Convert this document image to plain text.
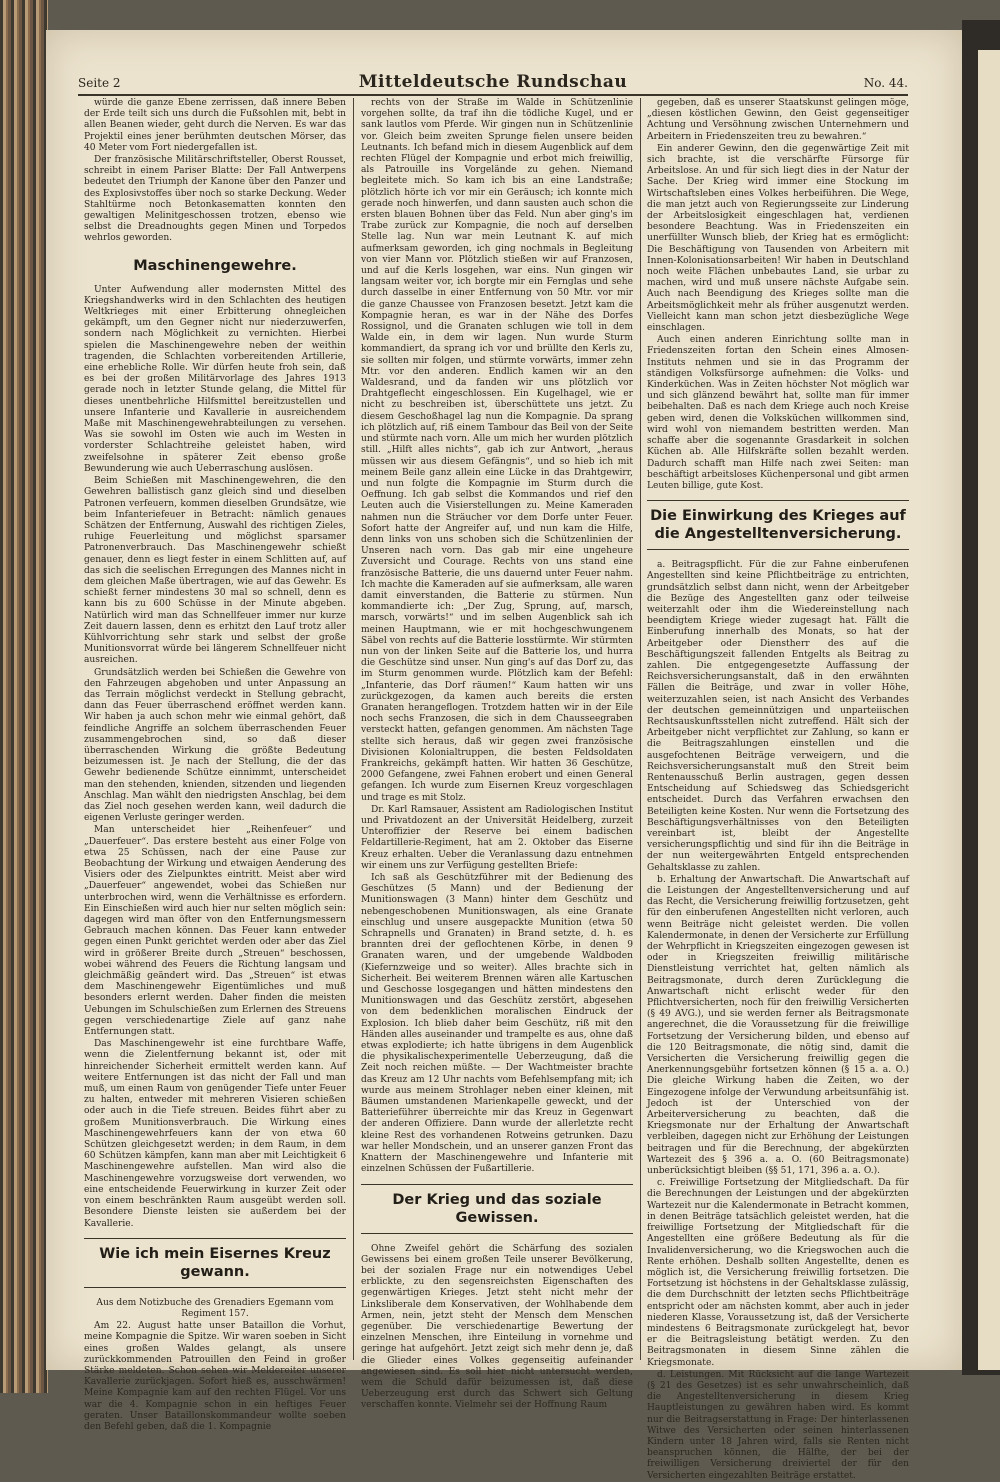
Seite 2	Mitteldeutsche Rundschau	No. 44.

würde die ganze Ebene zerrissen, daß innere Beben der Erde teilt sich uns durch die Fußsohlen mit, bebt in allen Beanen wieder, geht durch die Nerven. Es war das Projektil eines jener berühmten deutschen Mörser, das 40 Meter vom Fort niedergefallen ist.

Der französische Militärschriftsteller, Oberst Rousset, schreibt in einem Pariser Blatte: Der Fall Antwerpens bedeutet den Triumph der Kanone über den Panzer und des Explosivstoffes über noch so starke Deckung. Weder Stahltürme noch Betonkasematten konnten den gewaltigen Melinitgeschossen trotzen, ebenso wie selbst die Dreadnoughts gegen Minen und Torpedos wehrlos geworden.

Maschinengewehre.

Unter Aufwendung aller modernsten Mittel des Kriegshandwerks wird in den Schlachten des heutigen Weltkrieges mit einer Erbitterung ohnegleichen gekämpft, um den Gegner nicht nur niederzuwerfen, sondern nach Möglichkeit zu vernichten. Hierbei spielen die Maschinengewehre neben der weithin tragenden, die Schlachten vorbereitenden Artillerie, eine erhebliche Rolle. Wir dürfen heute froh sein, daß es bei der großen Militärvorlage des Jahres 1913 gerade noch in letzter Stunde gelang, die Mittel für dieses unentbehrliche Hilfsmittel bereitzustellen und unsere Infanterie und Kavallerie in ausreichendem Maße mit Maschinengewehrabteilungen zu versehen. Was sie sowohl im Osten wie auch im Westen in vorderster Schlachtreihe geleistet haben, wird zweifelsohne in späterer Zeit ebenso große Bewunderung wie auch Ueberraschung auslösen.

Beim Schießen mit Maschinengewehren, die den Gewehren ballistisch ganz gleich sind und dieselben Patronen verfeuern, kommen dieselben Grundsätze, wie beim Infanteriefeuer in Betracht: nämlich genaues Schätzen der Entfernung, Auswahl des richtigen Zieles, ruhige Feuerleitung und möglichst sparsamer Patronenverbrauch. Das Maschinengewehr schießt genauer, denn es liegt fester in einem Schlitten auf, auf das sich die seelischen Erregungen des Mannes nicht in dem gleichen Maße übertragen, wie auf das Gewehr. Es schießt ferner mindestens 30 mal so schnell, denn es kann bis zu 600 Schüsse in der Minute abgeben. Natürlich wird man das Schnellfeuer immer nur kurze Zeit dauern lassen, denn es erhitzt den Lauf trotz aller Kühlvorrichtung sehr stark und selbst der große Munitionsvorrat würde bei längerem Schnellfeuer nicht ausreichen.

Grundsätzlich werden bei Schießen die Gewehre von den Fahrzeugen abgehoben und unter Anpassung an das Terrain möglichst verdeckt in Stellung gebracht, dann das Feuer überraschend eröffnet werden kann. Wir haben ja auch schon mehr wie einmal gehört, daß feindliche Angriffe an solchem überraschenden Feuer zusammengebrochen sind, so daß dieser überraschenden Wirkung die größte Bedeutung beizumessen ist. Je nach der Stellung, die der das Gewehr bedienende Schütze einnimmt, unterscheidet man den stehenden, knienden, sitzenden und liegenden Anschlag. Man wählt den niedrigsten Anschlag, bei dem das Ziel noch gesehen werden kann, weil dadurch die eigenen Verluste geringer werden.

Man unterscheidet hier „Reihenfeuer“ und „Dauerfeuer“. Das erstere besteht aus einer Folge von etwa 25 Schüssen, nach der eine Pause zur Beobachtung der Wirkung und etwaigen Aenderung des Visiers oder des Zielpunktes eintritt. Meist aber wird „Dauerfeuer“ angewendet, wobei das Schießen nur unterbrochen wird, wenn die Verhältnisse es erfordern. Ein Einschießen wird auch hier nur selten möglich sein: dagegen wird man öfter von den Entfernungsmessern Gebrauch machen können. Das Feuer kann entweder gegen einen Punkt gerichtet werden oder aber das Ziel wird in größerer Breite durch „Streuen“ beschossen, wobei während des Feuers die Richtung langsam und gleichmäßig geändert wird. Das „Streuen“ ist etwas dem Maschinengewehr Eigentümliches und muß besonders erlernt werden. Daher finden die meisten Uebungen im Schulschießen zum Erlernen des Streuens gegen verschiedenartige Ziele auf ganz nahe Entfernungen statt.

Das Maschinengewehr ist eine furchtbare Waffe, wenn die Zielentfernung bekannt ist, oder mit hinreichender Sicherheit ermittelt werden kann. Auf weitere Entfernungen ist das nicht der Fall und man muß, um einen Raum von genügender Tiefe unter Feuer zu halten, entweder mit mehreren Visieren schießen oder auch in die Tiefe streuen. Beides führt aber zu großem Munitionsverbrauch. Die Wirkung eines Maschinengewehrfeuers kann der von etwa 60 Schützen gleichgesetzt werden; in dem Raum, in dem 60 Schützen kämpfen, kann man aber mit Leichtigkeit 6 Maschinengewehre aufstellen. Man wird also die Maschinengewehre vorzugsweise dort verwenden, wo eine entscheidende Feuerwirkung in kurzer Zeit oder von einem beschränkten Raum ausgeübt werden soll. Besondere Dienste leisten sie außerdem bei der Kavallerie.

Wie ich mein Eisernes Kreuz gewann.

Aus dem Notizbuche des Grenadiers Egemann vom Regiment 157.

Am 22. August hatte unser Bataillon die Vorhut, meine Kompagnie die Spitze. Wir waren soeben in Sicht eines großen Waldes gelangt, als unsere zurückkommenden Patrouillen den Feind in großer Stärke meldeten. Schon sehen wir Meldereiter unserer Kavallerie zurückjagen. Sofort hieß es, ausschwärmen! Meine Kompagnie kam auf den rechten Flügel. Vor uns war die 4. Kompagnie schon in ein heftiges Feuer geraten. Unser Bataillonskommandeur wollte soeben den Befehl geben, daß die 1. Kompagnie

rechts von der Straße im Walde in Schützenlinie vorgehen sollte, da traf ihn die tödliche Kugel, und er sank lautlos vom Pferde. Wir gingen nun in Schützenlinie vor. Gleich beim zweiten Sprunge fielen unsere beiden Leutnants. Ich befand mich in diesem Augenblick auf dem rechten Flügel der Kompagnie und erbot mich freiwillig, als Patrouille ins Vorgelände zu gehen. Niemand begleitete mich. So kam ich bis an eine Landstraße; plötzlich hörte ich vor mir ein Geräusch; ich konnte mich gerade noch hinwerfen, und dann sausten auch schon die ersten blauen Bohnen über das Feld. Nun aber ging's im Trabe zurück zur Kompagnie, die noch auf derselben Stelle lag. Nun war mein Leutnant K. auf mich aufmerksam geworden, ich ging nochmals in Begleitung von vier Mann vor. Plötzlich stießen wir auf Franzosen, und auf die Kerls losgehen, war eins. Nun gingen wir langsam weiter vor, ich borgte mir ein Fernglas und sehe durch dasselbe in einer Entfernung von 50 Mtr. vor mir die ganze Chaussee von Franzosen besetzt. Jetzt kam die Kompagnie heran, es war in der Nähe des Dorfes Rossignol, und die Granaten schlugen wie toll in dem Walde ein, in dem wir lagen. Nun wurde Sturm kommandiert, da sprang ich vor und brüllte den Kerls zu, sie sollten mir folgen, und stürmte vorwärts, immer zehn Mtr. vor den anderen. Endlich kamen wir an den Waldesrand, und da fanden wir uns plötzlich vor Drahtgeflecht eingeschlossen. Ein Kugelhagel, wie er nicht zu beschreiben ist, überschüttete uns jetzt. Zu diesem Geschoßhagel lag nun die Kompagnie. Da sprang ich plötzlich auf, riß einem Tambour das Beil von der Seite und stürmte nach vorn. Alle um mich her wurden plötzlich still. „Hilft alles nichts“, gab ich zur Antwort, „heraus müssen wir aus diesem Gefängnis“, und so hieb ich mit meinem Beile ganz allein eine Lücke in das Drahtgewirr, und nun folgte die Kompagnie im Sturm durch die Oeffnung. Ich gab selbst die Kommandos und rief den Leuten auch die Visierstellungen zu. Meine Kameraden nahmen nun die Sträucher vor dem Dorfe unter Feuer. Sofort hatte der Angreifer auf, und nun kam die Hilfe, denn links von uns schoben sich die Schützenlinien der Unseren nach vorn. Das gab mir eine ungeheure Zuversicht und Courage. Rechts von uns stand eine französische Batterie, die uns dauernd unter Feuer nahm. Ich machte die Kameraden auf sie aufmerksam, alle waren damit einverstanden, die Batterie zu stürmen. Nun kommandierte ich: „Der Zug, Sprung, auf, marsch, marsch, vorwärts!“ und im selben Augenblick sah ich meinen Hauptmann, wie er mit hochgeschwungenem Säbel von rechts auf die Batterie losstürmte. Wir stürmten nun von der linken Seite auf die Batterie los, und hurra die Geschütze sind unser. Nun ging's auf das Dorf zu, das im Sturm genommen wurde. Plötzlich kam der Befehl: „Infanterie, das Dorf räumen!“ Kaum hatten wir uns zurückgezogen, da kamen auch bereits die ersten Granaten herangeflogen. Trotzdem hatten wir in der Eile noch sechs Franzosen, die sich in dem Chausseegraben versteckt hatten, gefangen genommen. Am nächsten Tage stellte sich heraus, daß wir gegen zwei französische Divisionen Kolonialtruppen, die besten Feldsoldaten Frankreichs, gekämpft hatten. Wir hatten 36 Geschütze, 2000 Gefangene, zwei Fahnen erobert und einen General gefangen. Ich wurde zum Eisernen Kreuz vorgeschlagen und trage es mit Stolz.

Dr. Karl Ramsauer, Assistent am Radiologischen Institut und Privatdozent an der Universität Heidelberg, zurzeit Unteroffizier der Reserve bei einem badischen Feldartillerie-Regiment, hat am 2. Oktober das Eiserne Kreuz erhalten. Ueber die Veranlassung dazu entnehmen wir einem uns zur Verfügung gestellten Briefe:

Ich saß als Geschützführer mit der Bedienung des Geschützes (5 Mann) und der Bedienung der Munitionswagen (3 Mann) hinter dem Geschütz und nebengeschobenen Munitionswagen, als eine Granate einschlug und unsere ausgepackte Munition (etwa 50 Schrapnells und Granaten) in Brand setzte, d. h. es brannten drei der geflochtenen Körbe, in denen 9 Granaten waren, und der umgebende Waldboden (Kiefernzweige und so weiter). Alles brachte sich in Sicherheit. Bei weiterem Brennen wären alle Kartuschen und Geschosse losgegangen und hätten mindestens den Munitionswagen und das Geschütz zerstört, abgesehen von dem bedenklichen moralischen Eindruck der Explosion. Ich blieb daher beim Geschütz, riß mit den Händen alles auseinander und trampelte es aus, ohne daß etwas explodierte; ich hatte übrigens in dem Augenblick die physikalischexperimentelle Ueberzeugung, daß die Zeit noch reichen müßte. — Der Wachtmeister brachte das Kreuz am 12 Uhr nachts vom Befehlsempfang mit; ich wurde aus meinem Strohlager neben einer kleinen, mit Bäumen umstandenen Marienkapelle geweckt, und der Batterieführer überreichte mir das Kreuz in Gegenwart der anderen Offiziere. Dann wurde der allerletzte recht kleine Rest des vorhandenen Rotweins getrunken. Dazu war heller Mondschein, und an unserer ganzen Front das Knattern der Maschinengewehre und Infanterie mit einzelnen Schüssen der Fußartillerie.

Der Krieg und das soziale Gewissen.

Ohne Zweifel gehört die Schärfung des sozialen Gewissens bei einem großen Teile unserer Bevölkerung, bei der sozialen Frage nur ein notwendiges Uebel erblickte, zu den segensreichsten Eigenschaften des gegenwärtigen Krieges. Jetzt steht nicht mehr der Linksliberale dem Konservativen, der Wohlhabende dem Armen, nein, jetzt steht der Mensch dem Menschen gegenüber. Die verschiedenartige Bewertung der einzelnen Menschen, ihre Einteilung in vornehme und geringe hat aufgehört. Jetzt zeigt sich mehr denn je, daß die Glieder eines Volkes gegenseitig aufeinander angewiesen sind. Es soll hier nicht untersucht werden, wem die Schuld dafür beizumessen ist, daß diese Ueberzeugung erst durch das Schwert sich Geltung verschaffen konnte. Vielmehr sei der Hoffnung Raum

gegeben, daß es unserer Staatskunst gelingen möge, „diesen köstlichen Gewinn, den Geist gegenseitiger Achtung und Versöhnung zwischen Unternehmern und Arbeitern in Friedenszeiten treu zu bewahren.“

Ein anderer Gewinn, den die gegenwärtige Zeit mit sich brachte, ist die verschärfte Fürsorge für Arbeitslose. An und für sich liegt dies in der Natur der Sache. Der Krieg wird immer eine Stockung im Wirtschaftsleben eines Volkes herbeiführen. Die Wege, die man jetzt auch von Regierungsseite zur Linderung der Arbeitslosigkeit eingeschlagen hat, verdienen besondere Beachtung. Was in Friedenszeiten ein unerfüllter Wunsch blieb, der Krieg hat es ermöglicht: Die Beschäftigung von Tausenden von Arbeitern mit Innen-Kolonisationsarbeiten! Wir haben in Deutschland noch weite Flächen unbebautes Land, sie urbar zu machen, wird und muß unsere nächste Aufgabe sein. Auch nach Beendigung des Krieges sollte man die Arbeitsmöglichkeit mehr als früher ausgenutzt werden. Vielleicht kann man schon jetzt diesbezügliche Wege einschlagen.

Auch einen anderen Einrichtung sollte man in Friedenszeiten fortan den Schein eines Almosen-Instituts nehmen und sie in das Programm der ständigen Volksfürsorge aufnehmen: die Volks- und Kinderküchen. Was in Zeiten höchster Not möglich war und sich glänzend bewährt hat, sollte man für immer beibehalten. Daß es nach dem Kriege auch noch Kreise geben wird, denen die Volksküchen willkommen sind, wird wohl von niemandem bestritten werden. Man schaffe aber die sogenannte Grasdarkeit in solchen Küchen ab. Alle Hilfskräfte sollen bezahlt werden. Dadurch schafft man Hilfe nach zwei Seiten: man beschäftigt arbeitsloses Küchenpersonal und gibt armen Leuten billige, gute Kost.

Die Einwirkung des Krieges auf die Angestelltenversicherung.

a. Beitragspflicht. Für die zur Fahne einberufenen Angestellten sind keine Pflichtbeiträge zu entrichten, grundsätzlich selbst dann nicht, wenn der Arbeitgeber die Bezüge des Angestellten ganz oder teilweise weiterzahlt oder ihm die Wiedereinstellung nach beendigtem Kriege wieder zugesagt hat. Fällt die Einberufung innerhalb des Monats, so hat der Arbeitgeber oder Dienstherr des auf die Beschäftigungszeit fallenden Entgelts als Beitrag zu zahlen. Die entgegengesetzte Auffassung der Reichsversicherungsanstalt, daß in den erwähnten Fällen die Beiträge, und zwar in voller Höhe, weiterzuzahlen seien, ist nach Ansicht des Verbandes der deutschen gemeinnützigen und unparteiischen Rechtsauskunftsstellen nicht zutreffend. Hält sich der Arbeitgeber nicht verpflichtet zur Zahlung, so kann er die Beitragszahlungen einstellen und die ausgefochtenen Beiträge verweigern, und die Reichsversicherungsanstalt muß den Streit beim Rentenausschuß Berlin austragen, gegen dessen Entscheidung auf Schiedsweg das Schiedsgericht entscheidet. Durch das Verfahren erwachsen den Beteiligten keine Kosten. Nur wenn die Fortsetzung des Beschäftigungsverhältnisses von den Beteiligten vereinbart ist, bleibt der Angestellte versicherungspflichtig und sind für ihn die Beiträge in der nun weitergewährten Entgeld entsprechenden Gehaltsklasse zu zahlen.

b. Erhaltung der Anwartschaft. Die Anwartschaft auf die Leistungen der Angestelltenversicherung und auf das Recht, die Versicherung freiwillig fortzusetzen, geht für den einberufenen Angestellten nicht verloren, auch wenn Beiträge nicht geleistet werden. Die vollen Kalendermonate, in denen der Versicherte zur Erfüllung der Wehrpflicht in Kriegszeiten eingezogen gewesen ist oder in Kriegszeiten freiwillig militärische Dienstleistung verrichtet hat, gelten nämlich als Beitragsmonate, durch deren Zurücklegung die Anwartschaft nicht erlischt weder für den Pflichtversicherten, noch für den freiwillig Versicherten (§ 49 AVG.), und sie werden ferner als Beitragsmonate angerechnet, die die Voraussetzung für die freiwillige Fortsetzung der Versicherung bilden, und ebenso auf die 120 Beitragsmonate, die nötig sind, damit die Versicherten die Versicherung freiwillig gegen die Anerkennungsgebühr fortsetzen können (§ 15 a. a. O.) Die gleiche Wirkung haben die Zeiten, wo der Eingezogene infolge der Verwundung arbeitsunfähig ist. Jedoch ist der Unterschied von der Arbeiterversicherung zu beachten, daß die Kriegsmonate nur der Erhaltung der Anwartschaft verbleiben, dagegen nicht zur Erhöhung der Leistungen beitragen und für die Berechnung, der abgekürzten Wartezeit des § 396 a. a. O. (60 Beitragsmonate) unberücksichtigt bleiben (§§ 51, 171, 396 a. a. O.).

c. Freiwillige Fortsetzung der Mitgliedschaft. Da für die Berechnungen der Leistungen und der abgekürzten Wartezeit nur die Kalendermonate in Betracht kommen, in denen Beiträge tatsächlich geleistet werden, hat die freiwillige Fortsetzung der Mitgliedschaft für die Angestellten eine größere Bedeutung als für die Invalidenversicherung, wo die Kriegswochen auch die Rente erhöhen. Deshalb sollten Angestellte, denen es möglich ist, die Versicherung freiwillig fortsetzen. Die Fortsetzung ist höchstens in der Gehaltsklasse zulässig, die dem Durchschnitt der letzten sechs Pflichtbeiträge entspricht oder am nächsten kommt, aber auch in jeder niederen Klasse, Voraussetzung ist, daß der Versicherte mindestens 6 Beitragsmonate zurückgelegt hat, bevor er die Beitragsleistung betätigt werden. Zu den Beitragsmonaten in diesem Sinne zählen die Kriegsmonate.

d. Leistungen. Mit Rücksicht auf die lange Wartezeit (§ 21 des Gesetzes) ist es sehr unwahrscheinlich, daß die Angestelltenversicherung in diesem Krieg Hauptleistungen zu gewähren haben wird. Es kommt nur die Beitragserstattung in Frage: Der hinterlassenen Witwe des Versicherten oder seinen hinterlassenen Kindern unter 18 Jahren wird, falls sie Renten nicht beanspruchen können, die Hälfte, der bei der freiwilligen Versicherung dreiviertel der für den Versicherten eingezahlten Beiträge erstattet.
